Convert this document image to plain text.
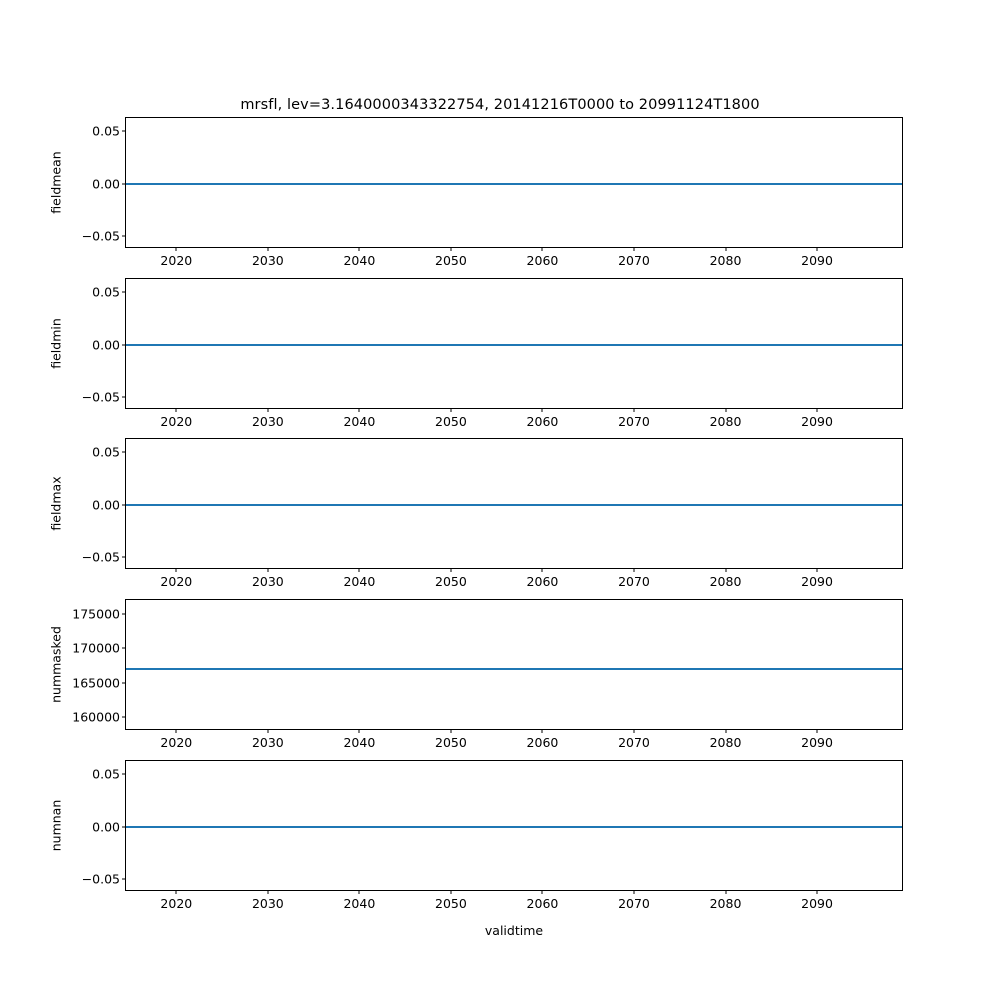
mrsfl, lev=3.1640000343322754, 20141216T0000 to 20991124T1800
−0.05
0.00
0.05
2020	2030	2040	2050	2060	2070	2080	2090
fieldmean
−0.05
0.00
0.05
2020	2030	2040	2050	2060	2070	2080	2090
fieldmin
−0.05
0.00
0.05
2020	2030	2040	2050	2060	2070	2080	2090
fieldmax
160000
165000
170000
175000
2020	2030	2040	2050	2060	2070	2080	2090
nummasked
−0.05
0.00
0.05
2020	2030	2040	2050	2060	2070	2080	2090
numnan
validtime
